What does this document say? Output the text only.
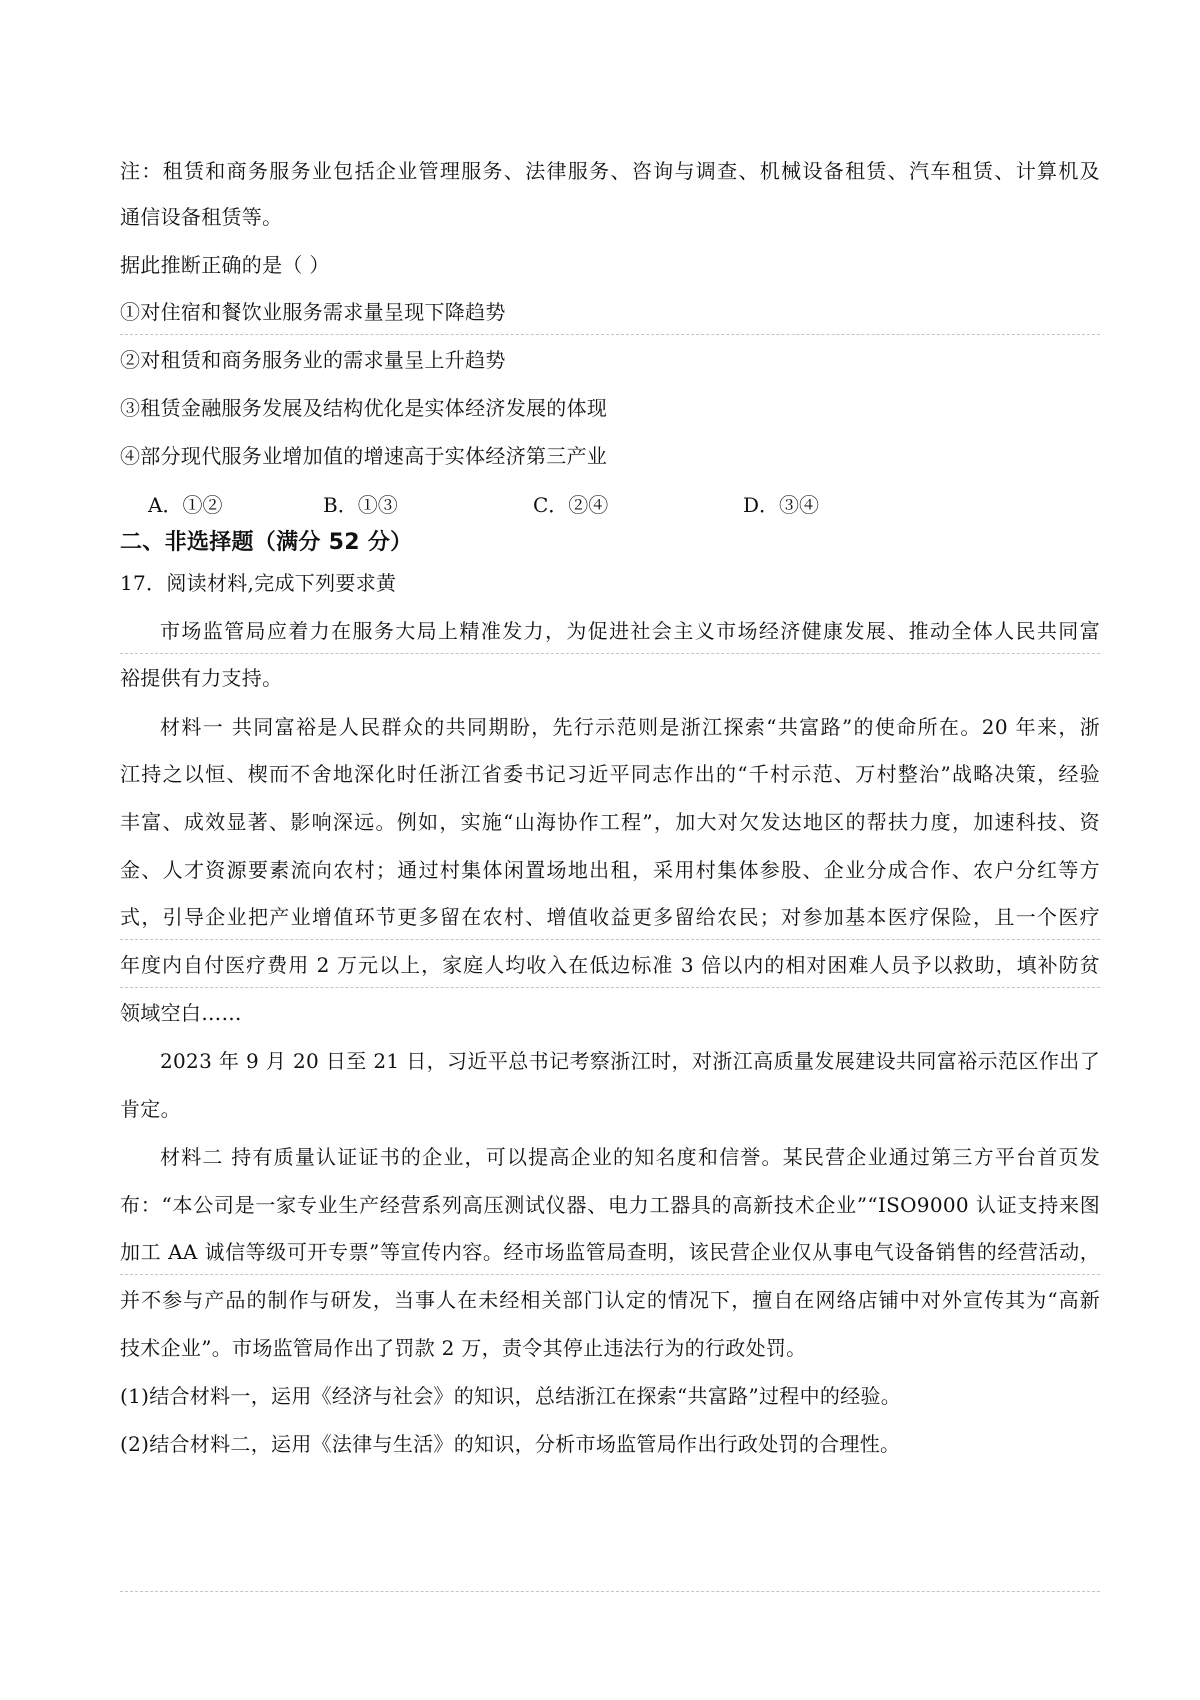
注：租赁和商务服务业包括企业管理服务、法律服务、咨询与调查、机械设备租赁、汽车租赁、计算机及
通信设备租赁等。
据此推断正确的是（ ）
①对住宿和餐饮业服务需求量呈现下降趋势
②对租赁和商务服务业的需求量呈上升趋势
③租赁金融服务发展及结构优化是实体经济发展的体现
④部分现代服务业增加值的增速高于实体经济第三产业
A．①②	B．①③	C．②④	D．③④
二、非选择题（满分 52 分）
17．阅读材料,完成下列要求黄
市场监管局应着力在服务大局上精准发力，为促进社会主义市场经济健康发展、推动全体人民共同富
裕提供有力支持。
材料一 共同富裕是人民群众的共同期盼，先行示范则是浙江探索“共富路”的使命所在。20 年来，浙
江持之以恒、楔而不舍地深化时任浙江省委书记习近平同志作出的“千村示范、万村整治”战略决策，经验
丰富、成效显著、影响深远。例如，实施“山海协作工程”，加大对欠发达地区的帮扶力度，加速科技、资
金、人才资源要素流向农村；通过村集体闲置场地出租，采用村集体参股、企业分成合作、农户分红等方
式，引导企业把产业增值环节更多留在农村、增值收益更多留给农民；对参加基本医疗保险，且一个医疗
年度内自付医疗费用 2 万元以上，家庭人均收入在低边标准 3 倍以内的相对困难人员予以救助，填补防贫
领域空白……
2023 年 9 月 20 日至 21 日，习近平总书记考察浙江时，对浙江高质量发展建设共同富裕示范区作出了
肯定。
材料二 持有质量认证证书的企业，可以提高企业的知名度和信誉。某民营企业通过第三方平台首页发
布：“本公司是一家专业生产经营系列高压测试仪器、电力工器具的高新技术企业”“ISO9000 认证支持来图
加工 AA 诚信等级可开专票”等宣传内容。经市场监管局查明，该民营企业仅从事电气设备销售的经营活动，
并不参与产品的制作与研发，当事人在未经相关部门认定的情况下，擅自在网络店铺中对外宣传其为“高新
技术企业”。市场监管局作出了罚款 2 万，责令其停止违法行为的行政处罚。
(1)结合材料一，运用《经济与社会》的知识，总结浙江在探索“共富路”过程中的经验。
(2)结合材料二，运用《法律与生活》的知识，分析市场监管局作出行政处罚的合理性。
